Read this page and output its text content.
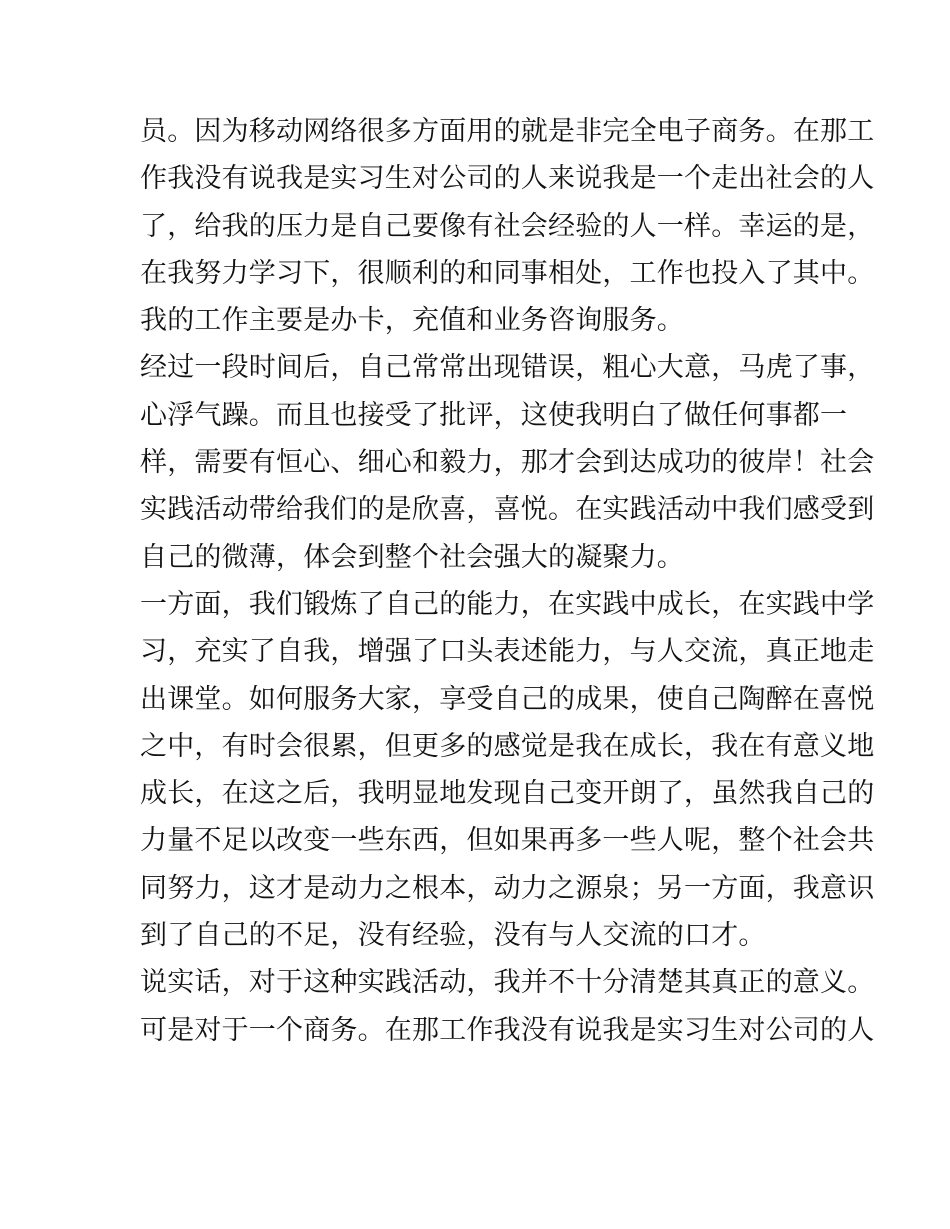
员。因为移动网络很多方面用的就是非完全电子商务。在那工
作我没有说我是实习生对公司的人来说我是一个走出社会的人
了，给我的压力是自己要像有社会经验的人一样。幸运的是，
在我努力学习下，很顺利的和同事相处，工作也投入了其中。
我的工作主要是办卡，充值和业务咨询服务。
经过一段时间后，自己常常出现错误，粗心大意，马虎了事，
心浮气躁。而且也接受了批评，这使我明白了做任何事都一
样，需要有恒心、细心和毅力，那才会到达成功的彼岸！社会
实践活动带给我们的是欣喜，喜悦。在实践活动中我们感受到
自己的微薄，体会到整个社会强大的凝聚力。
一方面，我们锻炼了自己的能力，在实践中成长，在实践中学
习，充实了自我，增强了口头表述能力，与人交流，真正地走
出课堂。如何服务大家，享受自己的成果，使自己陶醉在喜悦
之中，有时会很累，但更多的感觉是我在成长，我在有意义地
成长，在这之后，我明显地发现自己变开朗了，虽然我自己的
力量不足以改变一些东西，但如果再多一些人呢，整个社会共
同努力，这才是动力之根本，动力之源泉；另一方面，我意识
到了自己的不足，没有经验，没有与人交流的口才。
说实话，对于这种实践活动，我并不十分清楚其真正的意义。
可是对于一个商务。在那工作我没有说我是实习生对公司的人
